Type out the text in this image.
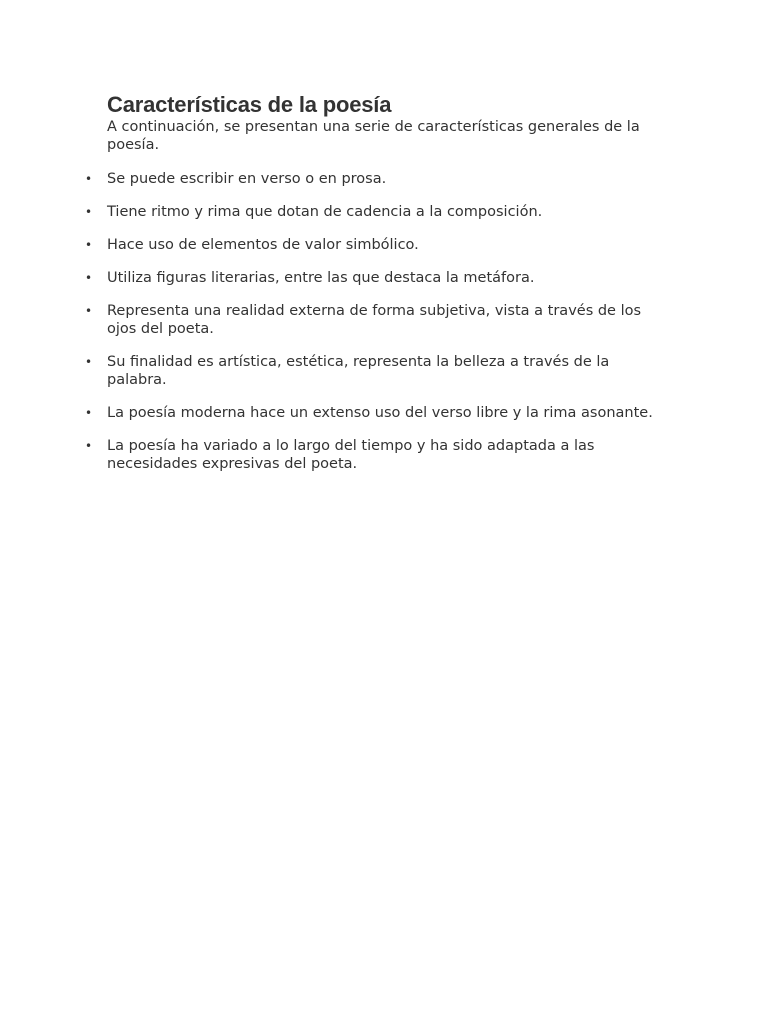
Características de la poesía

A continuación, se presentan una serie de características generales de la poesía.

• Se puede escribir en verso o en prosa.
• Tiene ritmo y rima que dotan de cadencia a la composición.
• Hace uso de elementos de valor simbólico.
• Utiliza figuras literarias, entre las que destaca la metáfora.
• Representa una realidad externa de forma subjetiva, vista a través de los ojos del poeta.
• Su finalidad es artística, estética, representa la belleza a través de la palabra.
• La poesía moderna hace un extenso uso del verso libre y la rima asonante.
• La poesía ha variado a lo largo del tiempo y ha sido adaptada a las necesidades expresivas del poeta.
